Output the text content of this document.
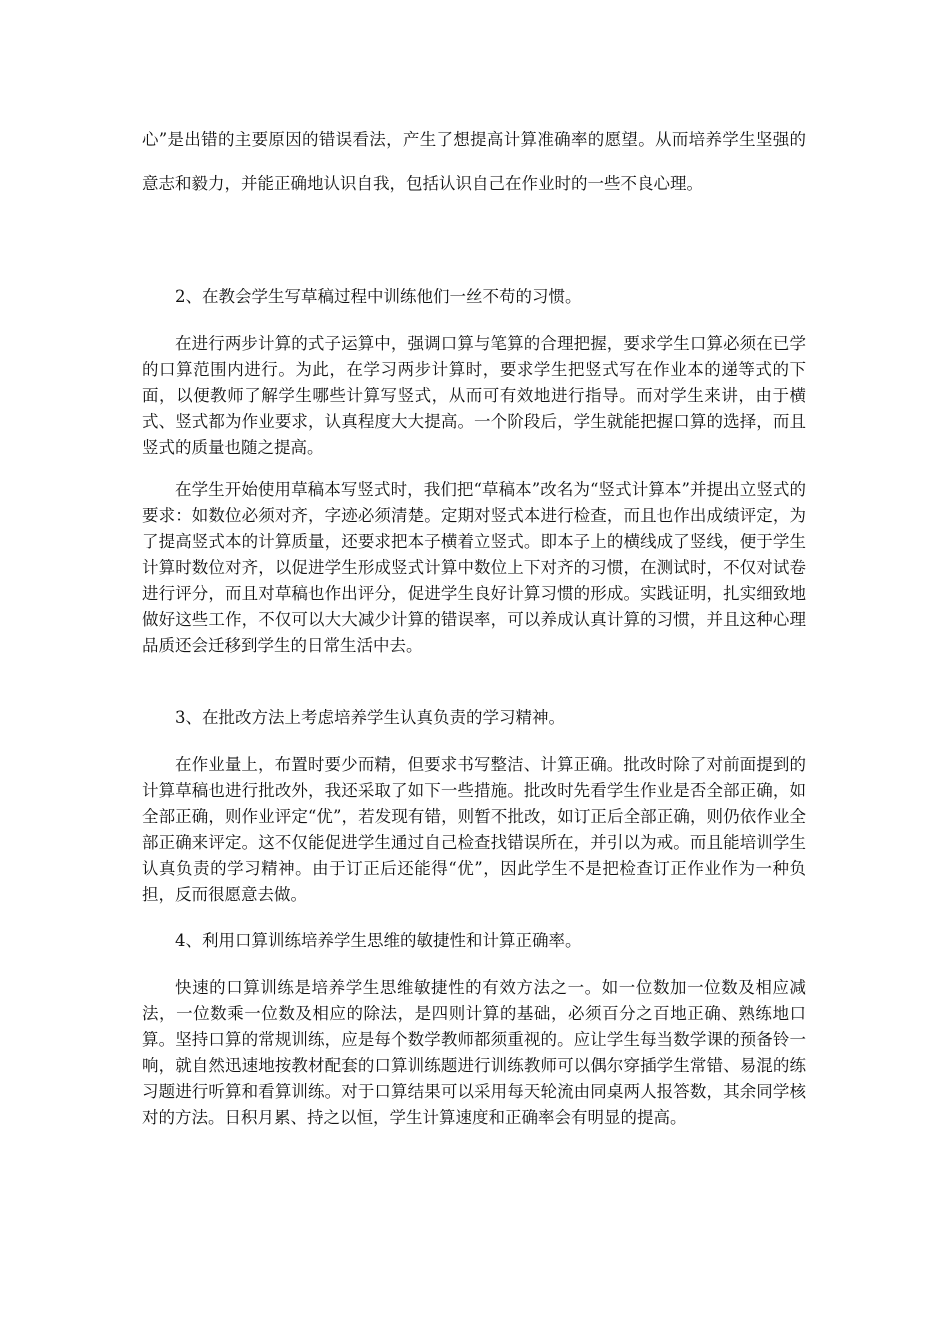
心”是出错的主要原因的错误看法，产生了想提高计算准确率的愿望。从而培养学生坚强的意志和毅力，并能正确地认识自我，包括认识自己在作业时的一些不良心理。

2、在教会学生写草稿过程中训练他们一丝不苟的习惯。

在进行两步计算的式子运算中，强调口算与笔算的合理把握，要求学生口算必须在已学的口算范围内进行。为此，在学习两步计算时，要求学生把竖式写在作业本的递等式的下面，以便教师了解学生哪些计算写竖式，从而可有效地进行指导。而对学生来讲，由于横式、竖式都为作业要求，认真程度大大提高。一个阶段后，学生就能把握口算的选择，而且竖式的质量也随之提高。

在学生开始使用草稿本写竖式时，我们把“草稿本”改名为“竖式计算本”并提出立竖式的要求：如数位必须对齐，字迹必须清楚。定期对竖式本进行检查，而且也作出成绩评定，为了提高竖式本的计算质量，还要求把本子横着立竖式。即本子上的横线成了竖线，便于学生计算时数位对齐，以促进学生形成竖式计算中数位上下对齐的习惯，在测试时，不仅对试卷进行评分，而且对草稿也作出评分，促进学生良好计算习惯的形成。实践证明，扎实细致地做好这些工作，不仅可以大大减少计算的错误率，可以养成认真计算的习惯，并且这种心理品质还会迁移到学生的日常生活中去。

3、在批改方法上考虑培养学生认真负责的学习精神。

在作业量上，布置时要少而精，但要求书写整洁、计算正确。批改时除了对前面提到的计算草稿也进行批改外，我还采取了如下一些措施。批改时先看学生作业是否全部正确，如全部正确，则作业评定“优”，若发现有错，则暂不批改，如订正后全部正确，则仍依作业全部正确来评定。这不仅能促进学生通过自己检查找错误所在，并引以为戒。而且能培训学生认真负责的学习精神。由于订正后还能得“优”，因此学生不是把检查订正作业作为一种负担，反而很愿意去做。

4、利用口算训练培养学生思维的敏捷性和计算正确率。

快速的口算训练是培养学生思维敏捷性的有效方法之一。如一位数加一位数及相应减法，一位数乘一位数及相应的除法，是四则计算的基础，必须百分之百地正确、熟练地口算。坚持口算的常规训练，应是每个数学教师都须重视的。应让学生每当数学课的预备铃一响，就自然迅速地按教材配套的口算训练题进行训练教师可以偶尔穿插学生常错、易混的练习题进行听算和看算训练。对于口算结果可以采用每天轮流由同桌两人报答数，其余同学核对的方法。日积月累、持之以恒，学生计算速度和正确率会有明显的提高。
